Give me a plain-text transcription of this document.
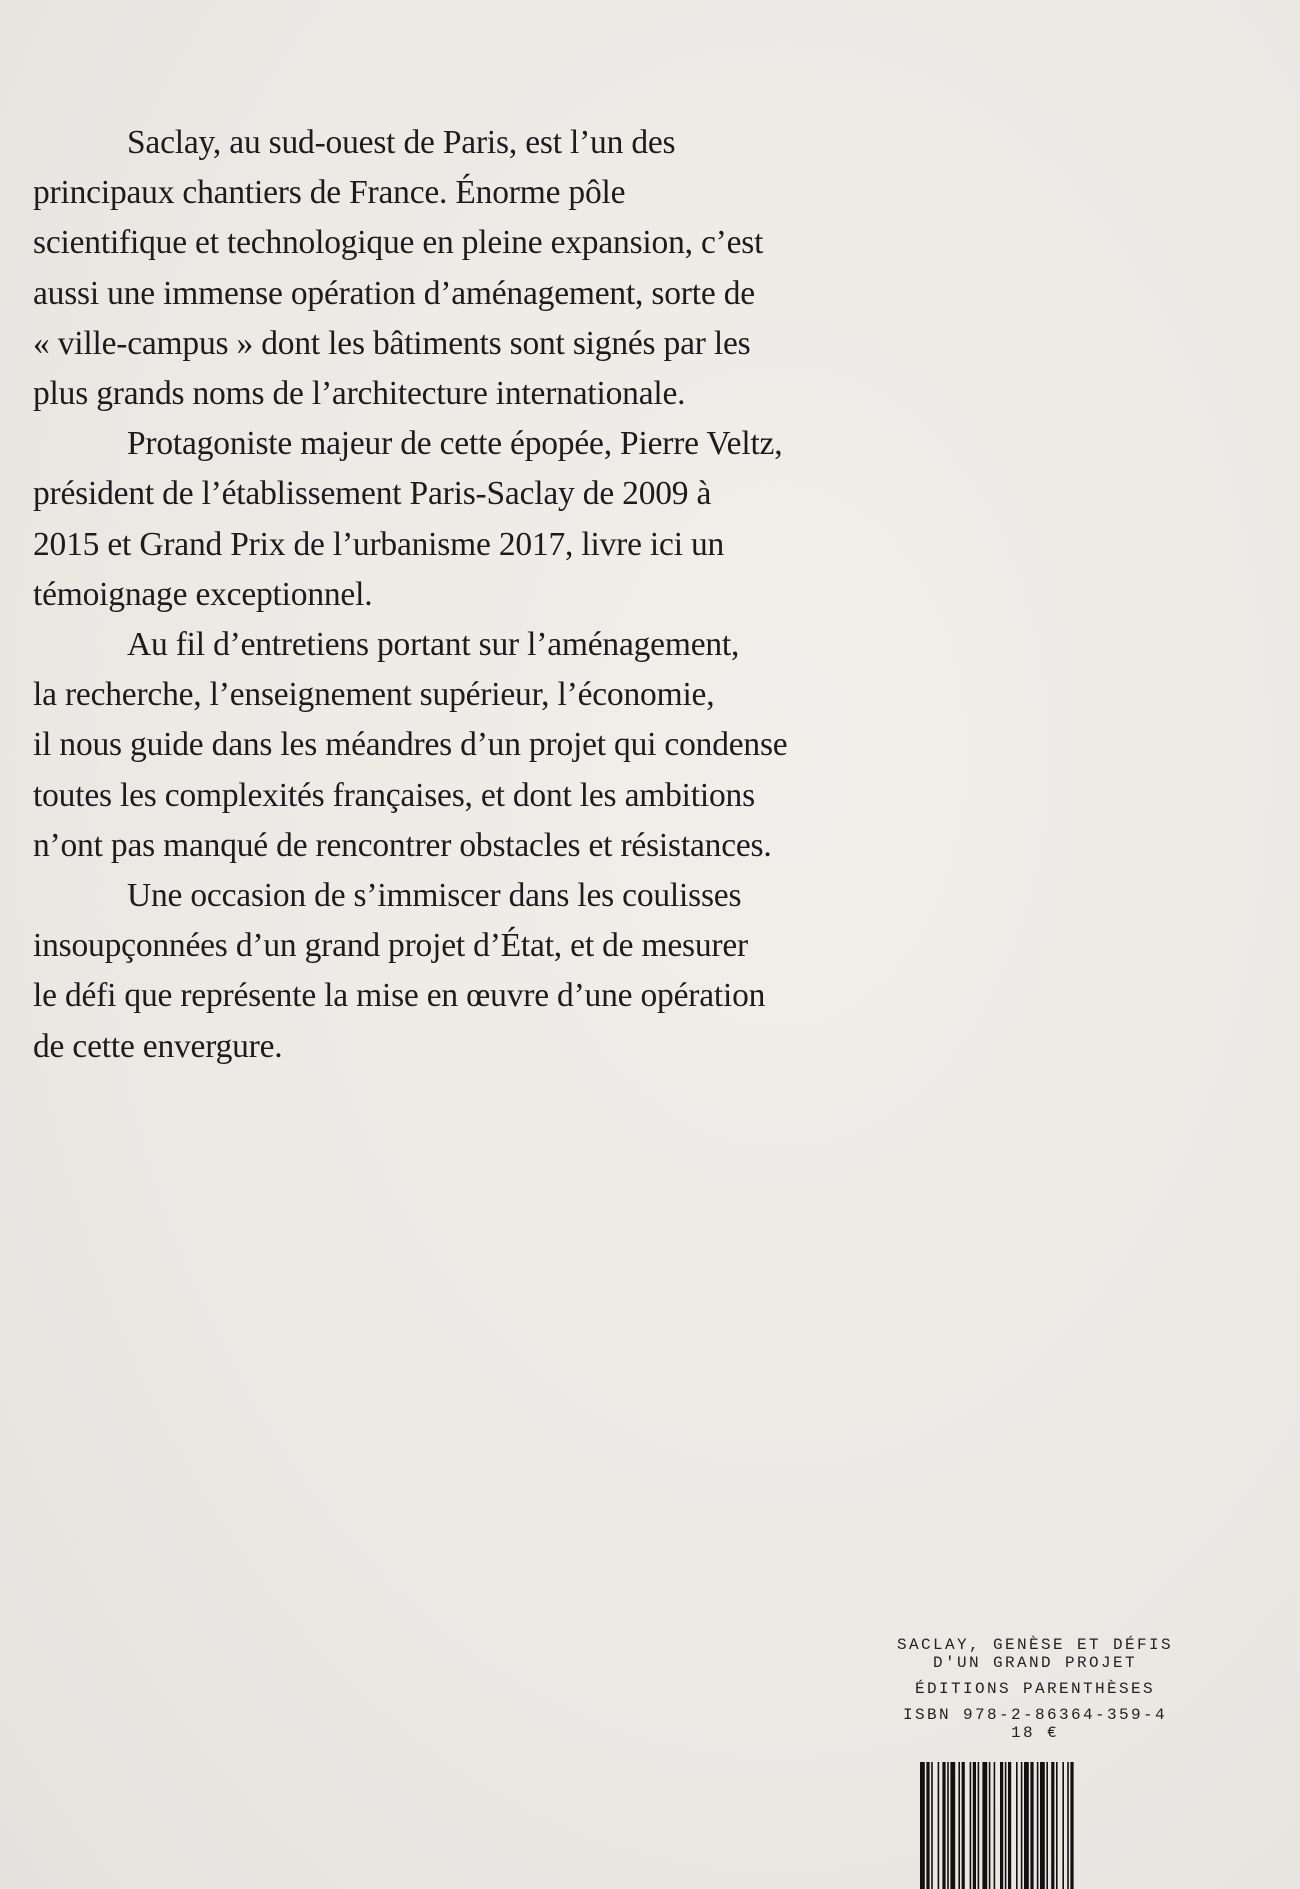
Saclay, au sud-ouest de Paris, est l’un des
principaux chantiers de France. Énorme pôle
scientifique et technologique en pleine expansion, c’est
aussi une immense opération d’aménagement, sorte de
« ville-campus » dont les bâtiments sont signés par les
plus grands noms de l’architecture internationale.

Protagoniste majeur de cette épopée, Pierre Veltz,
président de l’établissement Paris-Saclay de 2009 à
2015 et Grand Prix de l’urbanisme 2017, livre ici un
témoignage exceptionnel.

Au fil d’entretiens portant sur l’aménagement,
la recherche, l’enseignement supérieur, l’économie,
il nous guide dans les méandres d’un projet qui condense
toutes les complexités françaises, et dont les ambitions
n’ont pas manqué de rencontrer obstacles et résistances.

Une occasion de s’immiscer dans les coulisses
insoupçonnées d’un grand projet d’État, et de mesurer
le défi que représente la mise en œuvre d’une opération
de cette envergure.

SACLAY, GENÈSE ET DÉFIS
D'UN GRAND PROJET
ÉDITIONS PARENTHÈSES
ISBN 978-2-86364-359-4
18 €
